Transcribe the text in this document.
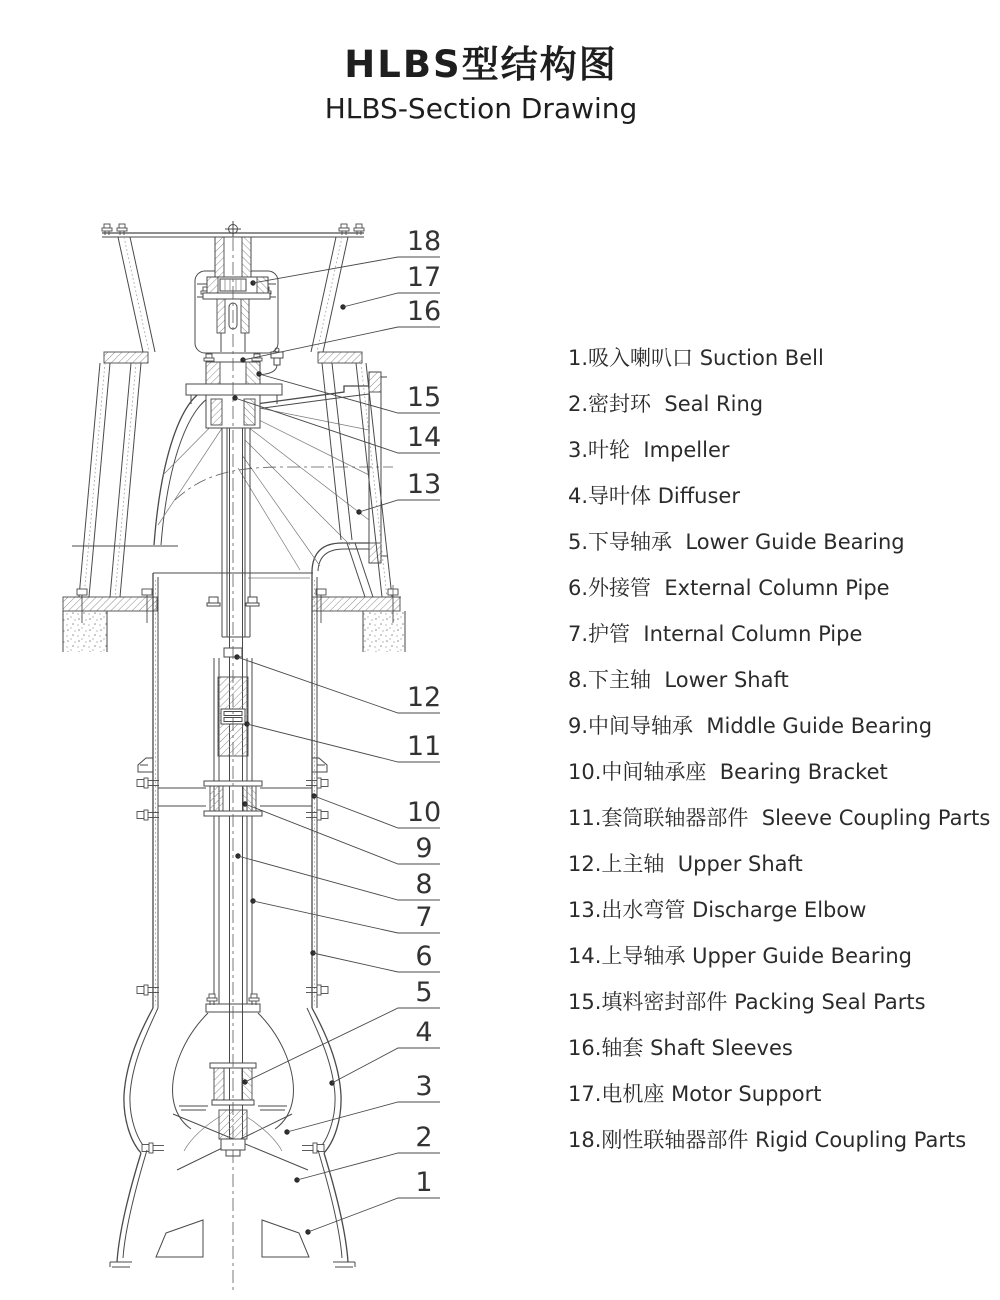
18
17
16
15
14
13
12
11
10
9
8
7
6
5
4
3
2
1
HLBS型结构图
HLBS-Section Drawing
1.吸入喇叭口 Suction Bell
2.密封环  Seal Ring
3.叶轮  Impeller
4.导叶体 Diffuser
5.下导轴承  Lower Guide Bearing
6.外接管  External Column Pipe
7.护管  Internal Column Pipe
8.下主轴  Lower Shaft
9.中间导轴承  Middle Guide Bearing
10.中间轴承座  Bearing Bracket
11.套筒联轴器部件  Sleeve Coupling Parts
12.上主轴  Upper Shaft
13.出水弯管 Discharge Elbow
14.上导轴承 Upper Guide Bearing
15.填料密封部件 Packing Seal Parts
16.轴套 Shaft Sleeves
17.电机座 Motor Support
18.刚性联轴器部件 Rigid Coupling Parts
